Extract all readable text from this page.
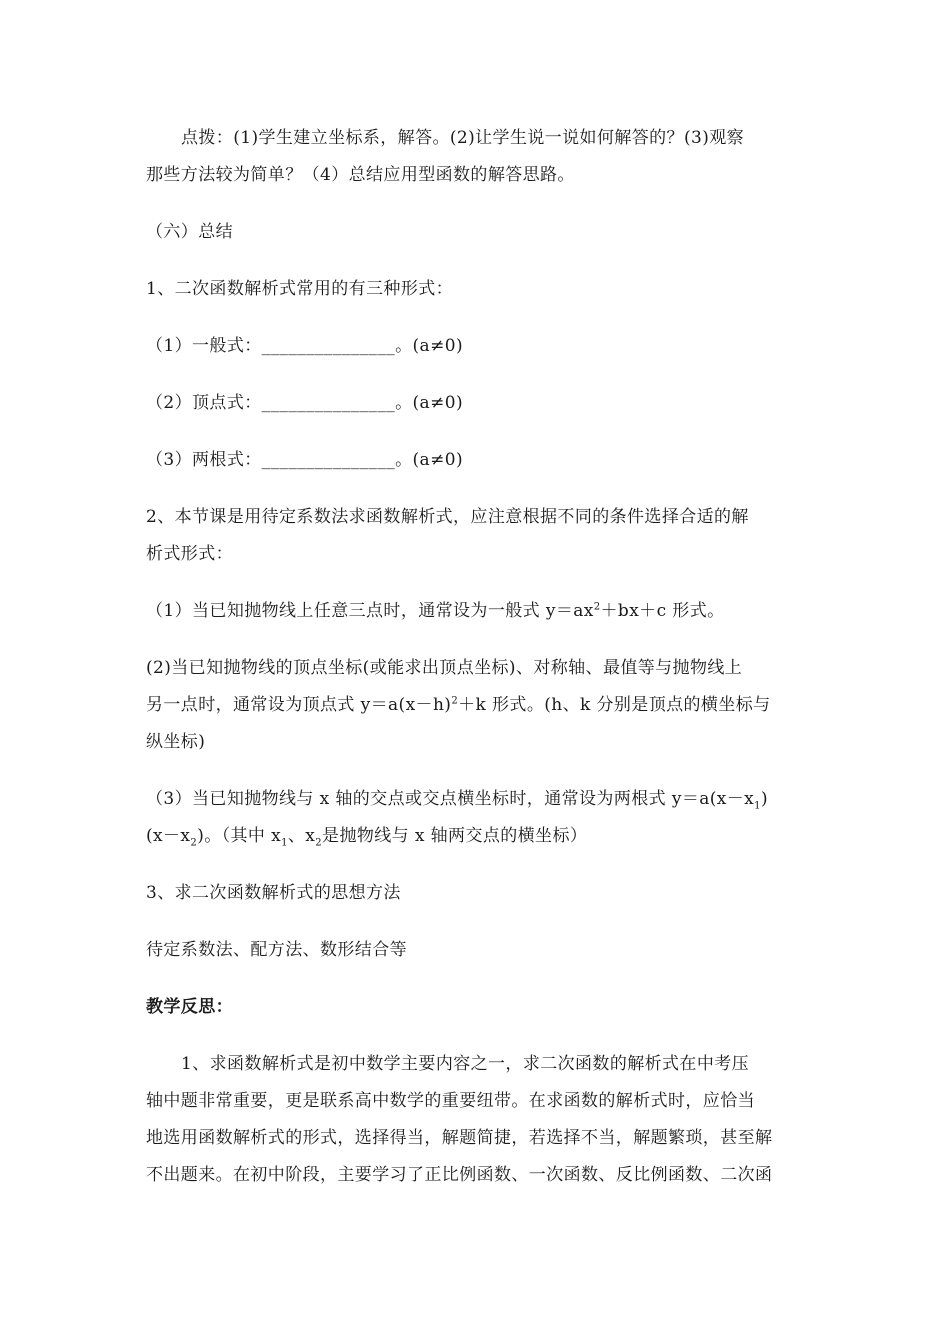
点拨：(1)学生建立坐标系，解答。(2)让学生说一说如何解答的？(3)观察
那些方法较为简单？（4）总结应用型函数的解答思路。
（六）总结
1、二次函数解析式常用的有三种形式：
（1）一般式：_______________。(a≠0)
（2）顶点式：_______________。(a≠0)
（3）两根式：_______________。(a≠0)
2、本节课是用待定系数法求函数解析式，应注意根据不同的条件选择合适的解
析式形式：
（1）当已知抛物线上任意三点时，通常设为一般式 $y=ax^2+bx+c$ 形式。
(2)当已知抛物线的顶点坐标(或能求出顶点坐标)、对称轴、最值等与抛物线上
另一点时，通常设为顶点式 $y=a(x-h)^2+k$ 形式。(h、k 分别是顶点的横坐标与
纵坐标)
（3）当已知抛物线与 x 轴的交点或交点横坐标时，通常设为两根式 $y=a(x-x_1)$
$(x-x_2)$。（其中 $x_1$、$x_2$是抛物线与 x 轴两交点的横坐标）
3、求二次函数解析式的思想方法
待定系数法、配方法、数形结合等
教学反思：
1、求函数解析式是初中数学主要内容之一，求二次函数的解析式在中考压
轴中题非常重要，更是联系高中数学的重要纽带。在求函数的解析式时，应恰当
地选用函数解析式的形式，选择得当，解题简捷，若选择不当，解题繁琐，甚至解
不出题来。在初中阶段，主要学习了正比例函数、一次函数、反比例函数、二次函
